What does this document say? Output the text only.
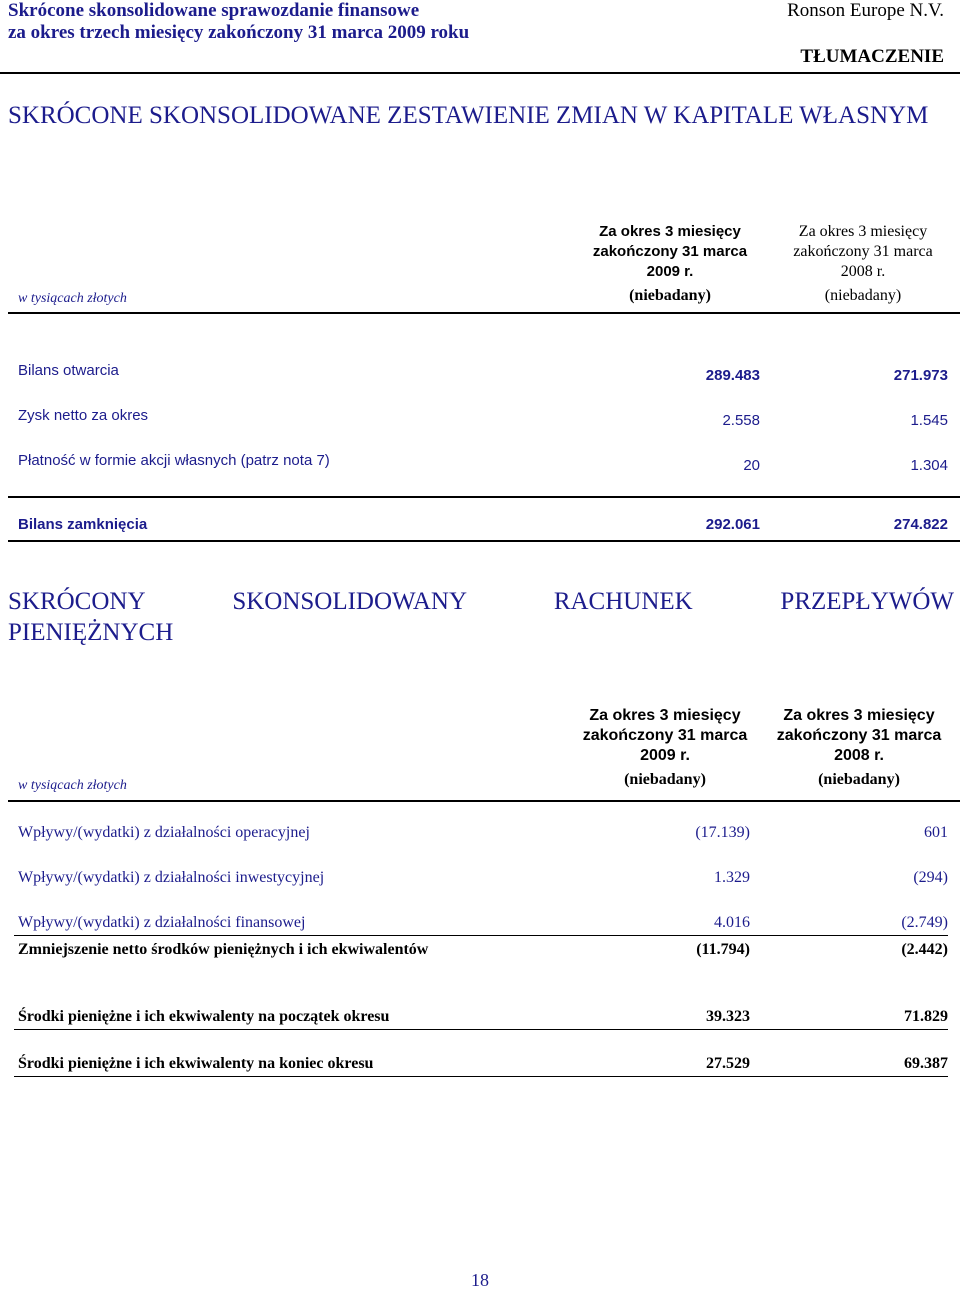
Skrócone skonsolidowane sprawozdanie finansowe
za okres trzech miesięcy zakończony 31 marca 2009 roku
Ronson Europe N.V.
TŁUMACZENIE
SKRÓCONE SKONSOLIDOWANE ZESTAWIENIE ZMIAN W KAPITALE WŁASNYM
Za okres 3 miesięcy
zakończony 31 marca
2009 r.
(niebadany)
Za okres 3 miesięcy
zakończony 31 marca
2008 r.
(niebadany)
w tysiącach złotych
Bilans otwarcia	289.483	271.973
Zysk netto za okres	2.558	1.545
Płatność w formie akcji własnych (patrz nota 7)	20	1.304
Bilans zamknięcia	292.061	274.822
SKRÓCONY	SKONSOLIDOWANY	RACHUNEK	PRZEPŁYWÓW
PIENIĘŻNYCH
Za okres 3 miesięcy
zakończony 31 marca
2009 r.
(niebadany)
Za okres 3 miesięcy
zakończony 31 marca
2008 r.
(niebadany)
w tysiącach złotych
Wpływy/(wydatki) z działalności operacyjnej	(17.139)	601
Wpływy/(wydatki) z działalności inwestycyjnej	1.329	(294)
Wpływy/(wydatki) z działalności finansowej	4.016	(2.749)
Zmniejszenie netto środków pieniężnych i ich ekwiwalentów	(11.794)	(2.442)
Środki pieniężne i ich ekwiwalenty na początek okresu	39.323	71.829
Środki pieniężne i ich ekwiwalenty na koniec okresu	27.529	69.387
18
